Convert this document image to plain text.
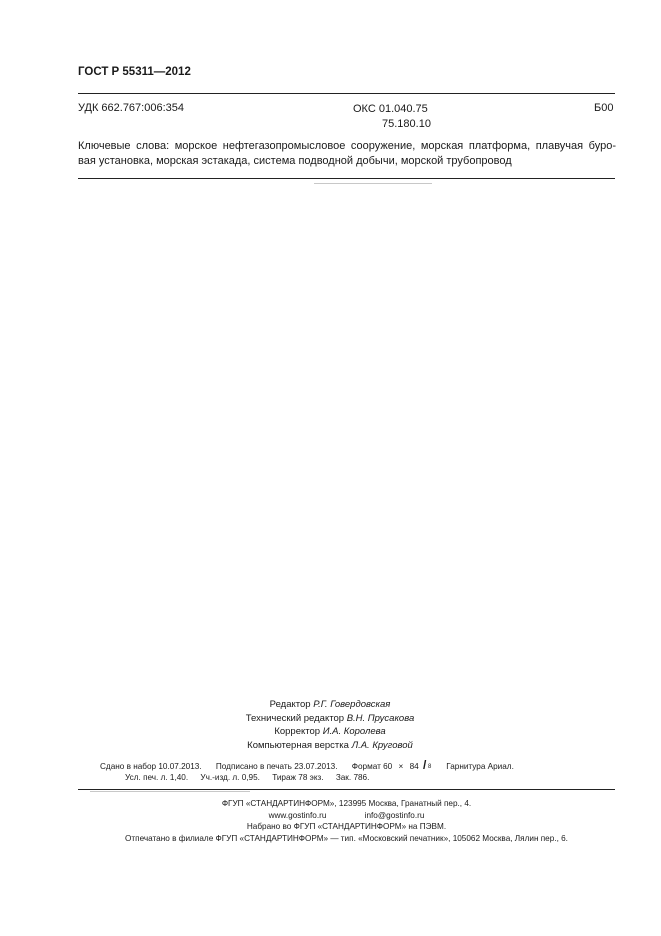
ГОСТ Р 55311—2012
УДК 662.767:006:354	ОКС 01.040.75
75.180.10
Б00
Ключевые слова: морское нефтегазопромысловое сооружение, морская платформа, плавучая буро-
вая установка, морская эстакада, система подводной добычи, морской трубопровод
Редактор Р.Г. Говердовская
Технический редактор В.Н. Прусакова
Корректор И.А. Королева
Компьютерная верстка Л.А. Круговой
Сдано в набор 10.07.2013. Подписано в печать 23.07.2013. Формат 60 × 84 / 8 Гарнитура Ариал.
Усл. печ. л. 1,40. Уч.-изд. л. 0,95. Тираж 78 экз. Зак. 786.
ФГУП «СТАНДАРТИНФОРМ», 123995 Москва, Гранатный пер., 4.
www.gostinfo.ru	info@gostinfo.ru
Набрано во ФГУП «СТАНДАРТИНФОРМ» на ПЭВМ.
Отпечатано в филиале ФГУП «СТАНДАРТИНФОРМ» — тип. «Московский печатник», 105062 Москва, Лялин пер., 6.
